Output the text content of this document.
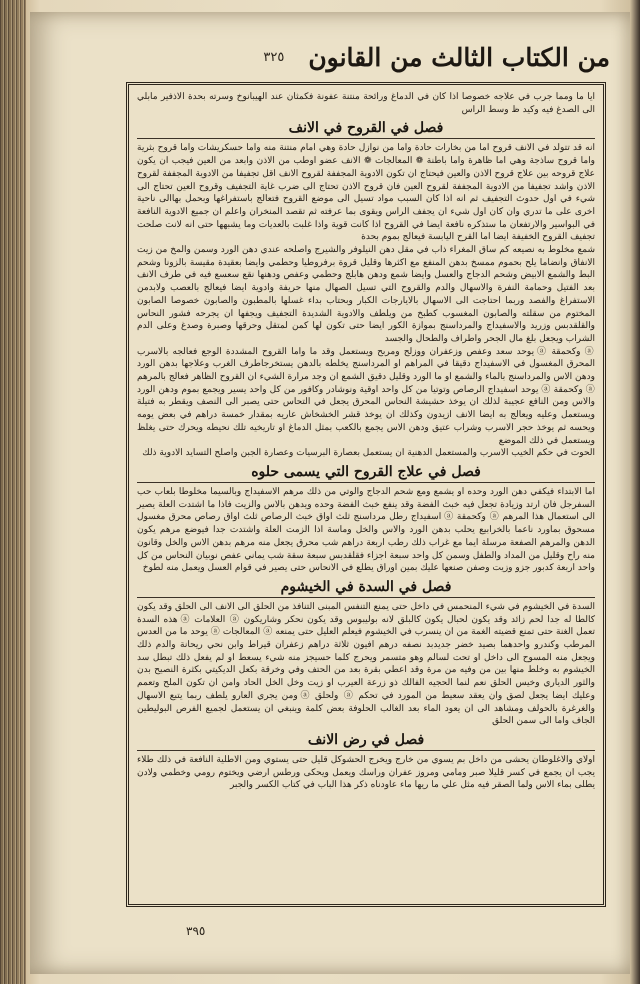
من الكتاب الثالث من القانون
٣٢٥

ايا ما ومما جرب في علاجه خصوصا اذا كان في الدماغ ورائحة منتنة عفونة فكمثان عند الهيبانوخ وسرته بحدة الاذفير مابلي الى الصدغ فيه وكيد ظ وسط الراس

فصل في القروح في الانف

انه قد تتولد في الانف قروح اما من بخارات حادة واما من نوازل حادة وهي امام منتنة منه واما حسكريشات واما قروح بثرية واما قروح ساذجة وهي اما ظاهرة واما باطنة ❁ المعالجات ❁ الانف عضو اوطب من الاذن وابعد من العين فيجب ان يكون علاج قروحه بين علاج قروح الاذن والعين فيحتاج ان تكون الادوية المجففة لقروح الانف اقل تجفيفا من الادوية المجففة لقروح الاذن واشد تجفيفا من الادوية المجففة لقروح العين فان قروح الاذن تحتاج الى ضرب غاية التجفيف وقروح العين تحتاج الى شيء في اول حدوث التجفيف ثم انه اذا كان السبب مواد تسيل الى موضع القروح فتعالج باستفراغها وبحمل بهاالى ناحية اخرى على ما تدري وان كان اول شيء ان يجفف الراس ويقوى بما عرفته ثم تقصد المنخران واعلم ان جميع الادوية النافعة في البواسير والارتفعان ما ستذكره نافعة ايضا في القروح اذا كانت قوية واذا غلبت بالعديات وما يشبهها حتى انه لانت صلحت تجفيف القروح الخفيفة ايضا اما القرح اليابسة فيعالج بموم بحدة

شمع مخلوط به نصيعه كم ساق المغراء ذاب في مقل دهن النيلوفر والشيرج واصلحه عندي دهن الورد وسمن والمخ من زيت الانفاق وانضاما يلح بحموم ممسخ بدهن المنفع مع اكثرها وقليل قروة برفروطيا وحطمي وايضا بعقيدة مقيسة بالزونا وشحم البط والشمع الابيض وشحم الدجاج والعسل وايضا شمع ودهن هابلج وحطمي وعفص ودهنها نقع سعسع فيه في طرف الانف بعد الفتيل وحمامة النفرة والاسهال والدم والقروح التي تسيل الصهال منها حريفة وادوية ايضا فيعالج بالعصب ولابدمن الاستفراغ والفصد وربما احتاجت الى الاسهال بالايارجات الكبار وبحتاب بداء غسلها بالمطبون والصابون خصوصا الصابون المختوم من سقلته والصابون المغسوب كطبخ من ويلطف والادوية الشديدة التجفيف ويجفها ان يجرحه فشور النحاس والقلقدبس وزريد والاسفيداج والمرداسنج بموازة الكور ايضا حتى تكون لها كمن لمتقل وحرقها وصبرة وصدغ وعلى الدم الشراب ويجعل بلغ مال الجحر واطراف والطحال والجسد

ⓐ وكحمقة ⓐ يوحد سعد وعفص وزعفران ووزلح ومربح ويستعمل وقد ما واما القروح المشددة الوجع فعالجه بالاسرب المحرق المغسول في الاسفيداج دقيقا في المراهم او المرداسنج يخلطه بالدهن يستخرجاطرف الغرب وعلاجها بدهن الورد ودهن الاس والمرداسنج بالماء والشمع او ما الورد وقليل دقيق الشمع ان وجد مرارة الشيء ان القروح الظاهر فعالج بالمرهم ⓐ وكحمقة ⓐ يوحد اسفيداج الرصاص وتوتيا من كل واحد اوقية ونوشادر وكافور من كل واحد يسير ويجمع بموم ودهن الورد والاس ومن النافع عجيبة لذلك ان يوخذ حشيشة النحاس المحرق يجعل في التحاس حتى يصبر الى النصف ويقطر به فتيلة ويستعمل وعليه ويعالج به ايضا الانف ازيدون وكذلك ان يوخذ قشر الخشخاش عاريه بمقدار خمسة دراهم في بعض يومه ويحسه ثم يوخذ حجر الاسرب وشراب عتيق ودهن الاس يجمع بالكعب بمثل الدماغ او تاريخيه تلك نحيطه ويحرك حتى يغلظ ويستعمل في ذلك الموضع

الحوت في حكم الخيب الاسرب والمستعمل الدهنية ان يستعمل بعصارة البرسيات وعصارة الجبن واصلح التسايد الادوية ذلك

فصل في علاج القروح التي يسمى حلوه

اما الابتداء فيكفي دهن الورد وحده او يشمع ومع شحم الدجاج والوتي من ذلك مرهم الاسفيداج وبالسيما مخلوطا بلعاب حب السفرجل فان ارتد وزيادة تجعل فيه خبث الفضة وقد ينفع خبث الفضة وحده ويدهن بالاس والزيت فاذا ما اشتدت العلة يصير الى استعمال هذا المرهم ⓐ وكحمقة ⓐ اسفيداج رطل مرداسنج ثلث اواق خبث الرصاص ثلث اواق رصاص محرق مغسول مسحوق بماورد ناعما بالخرابيع يحلب بدهن الورد والاس والخل وماسة اذا الزمت العلة واشتدت جدا فيوضع مرهم يكون الدهن والمرهم الصفعة مرسلة ايما مع غراب ذلك رطب اربعة دراهم شب محرق يجعل منه مرهم بدهن الاس والخل وقانون منه راح وقليل من المداد والطفل وسمن كل واحد سبعة اجزاء فقلقدبس سبعة سقة شب يماني عفص نوبيان النحاس من كل واحد اربعة كدبور جزو وزيت وصفن صنعها عليك بمين اوراق يطلع في الانحاس حتى يصير في قوام العسل ويعمل منه لطوخ

فصل في السدة في الخيشوم

السدة في الخيشوم في شيء المنحمس في داخل حتى يمنع التنفس المبنى التنافذ من الحلق الى الانف الى الحلق وقد يكون كالطا له جدا لحم زائد وقد يكون لحبال يكون كالبلق لانه بوليبوس وقد يكون نحكر وشاريكون ⓐ العلامات ⓐ هذه السدة تعمل الغنة حتى تمنع قضيته الغمة من ان ينسرب في الخيشوم فيعلم العليل حتى يمنعه ⓐ المعالجات ⓐ يوحد ما من العدس المرطب وكندرو واحدهما بصيد خضر جديدبد نصفه درهم افيون ثلاثة دراهم زعفران قيراط وابن نحي ريحانة والدم ذلك ويجعل منه المسوح الى داخل او تحت لسالم وهو متسمر ويحرج كلما حسيجز منه شيء يسعط او لم يفعل ذلك تبطل سد الخيشوم به وخلط منها بين من وفيه من مرة وقد اعطي بقرة بعد من الحتف وفي وخرقة بكعل الديكيتي بكثرة النصيح بدن والثور الدياري وخيس الحلق نعم لنما الحجيه الفالك ذو زرعة العيرب او زيت وخل الخل الحاد وامن ان تكون الملح وتعمم وعليك ايضا يجعل لصق وان يعقد سعيط من المورد في تحكم ⓐ ولحلق ⓐ ومن يجري العارو يلطف ربما يتبع الاسهال والغرغرة بالحولف ومشاهد الى ان يعود الماء بعد الغالب الحلوفة بعض كلمة وينبغي ان يستعمل لجميع الفرص البوليطين الجاف واما الى سمن الحلق

فصل في رض الانف

اولاي والاغلوطان يحشى من داخل بم يسوي من خارج ويخرج الحشوكل قليل حتى يستوي ومن الاطلية النافعة في ذلك طلاء يجب ان يجمع في كسر قليلا صبر ومامي ومروز عفران وراسك ويعمل ويحكى ورطس ارضي ويختوم رومي وخطمي ولادن يطلى بماء الاس ولما الصقر فيه مثل علي ما ريها ماء عاودناه ذكر هذا الباب في كتاب الكسر والجبر

٣٩٥
